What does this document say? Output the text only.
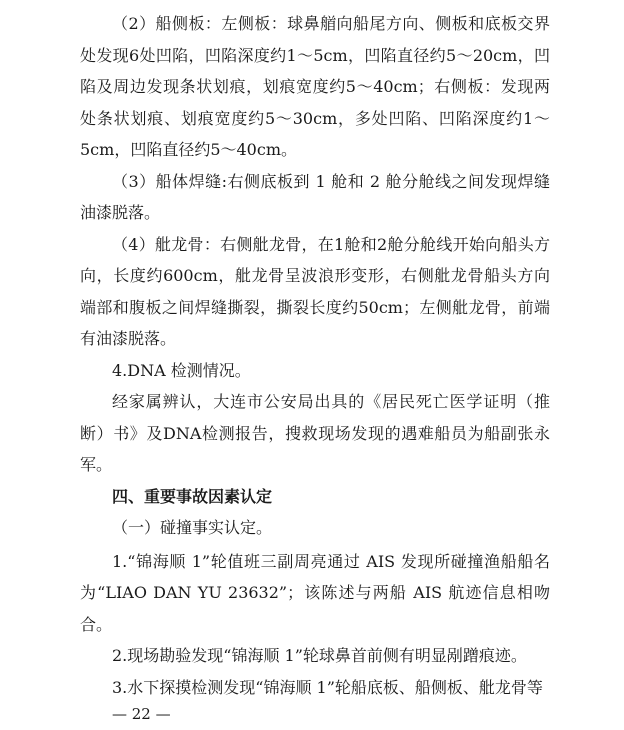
（2）船侧板：左侧板：球鼻艏向船尾方向、侧板和底板交界处发现6处凹陷，凹陷深度约1～5cm，凹陷直径约5～20cm，凹陷及周边发现条状划痕，划痕宽度约5～40cm；右侧板：发现两处条状划痕、划痕宽度约5～30cm，多处凹陷、凹陷深度约1～5cm，凹陷直径约5～40cm。

（3）船体焊缝:右侧底板到 1 舱和 2 舱分舱线之间发现焊缝油漆脱落。

（4）舭龙骨：右侧舭龙骨，在1舱和2舱分舱线开始向船头方向，长度约600cm，舭龙骨呈波浪形变形，右侧舭龙骨船头方向端部和腹板之间焊缝撕裂，撕裂长度约50cm；左侧舭龙骨，前端有油漆脱落。

4.DNA 检测情况。

经家属辨认，大连市公安局出具的《居民死亡医学证明（推断）书》及DNA检测报告，搜救现场发现的遇难船员为船副张永军。

四、重要事故因素认定

（一）碰撞事实认定。

1.“锦海顺 1”轮值班三副周亮通过 AIS 发现所碰撞渔船船名为“LIAO DAN YU 23632”；该陈述与两船 AIS 航迹信息相吻合。

2.现场勘验发现“锦海顺 1”轮球鼻首前侧有明显剐蹭痕迹。

3.水下探摸检测发现“锦海顺 1”轮船底板、船侧板、舭龙骨等

— 22 —
